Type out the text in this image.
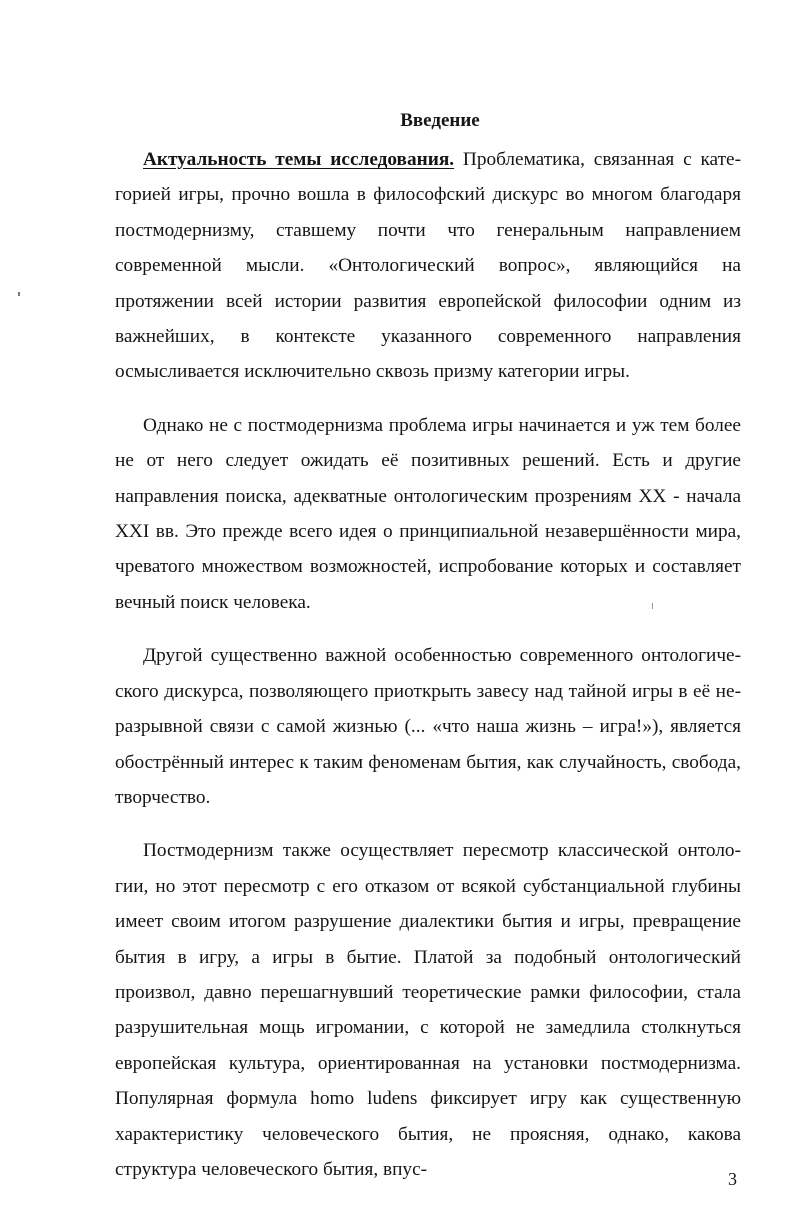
Введение

Актуальность темы исследования. Проблематика, связанная с категорией игры, прочно вошла в философский дискурс во многом благодаря постмодернизму, ставшему почти что генеральным направлением современной мысли. «Онтологический вопрос», являющийся на протяжении всей истории развития европейской философии одним из важнейших, в контексте указанного современного направления осмысливается исключительно сквозь призму категории игры.

Однако не с постмодернизма проблема игры начинается и уж тем более не от него следует ожидать её позитивных решений. Есть и другие направления поиска, адекватные онтологическим прозрениям XX - начала XXI вв. Это прежде всего идея о принципиальной незавершённости мира, чреватого множеством возможностей, испробование которых и составляет вечный поиск человека.

Другой существенно важной особенностью современного онтологического дискурса, позволяющего приоткрыть завесу над тайной игры в её неразрывной связи с самой жизнью (... «что наша жизнь – игра!»), является обострённый интерес к таким феноменам бытия, как случайность, свобода, творчество.

Постмодернизм также осуществляет пересмотр классической онтологии, но этот пересмотр с его отказом от всякой субстанциальной глубины имеет своим итогом разрушение диалектики бытия и игры, превращение бытия в игру, а игры в бытие. Платой за подобный онтологический произвол, давно перешагнувший теоретические рамки философии, стала разрушительная мощь игромании, с которой не замедлила столкнуться европейская культура, ориентированная на установки постмодернизма. Популярная формула homo ludens фиксирует игру как существенную характеристику человеческого бытия, не проясняя, однако, какова структура человеческого бытия, впус-	3
